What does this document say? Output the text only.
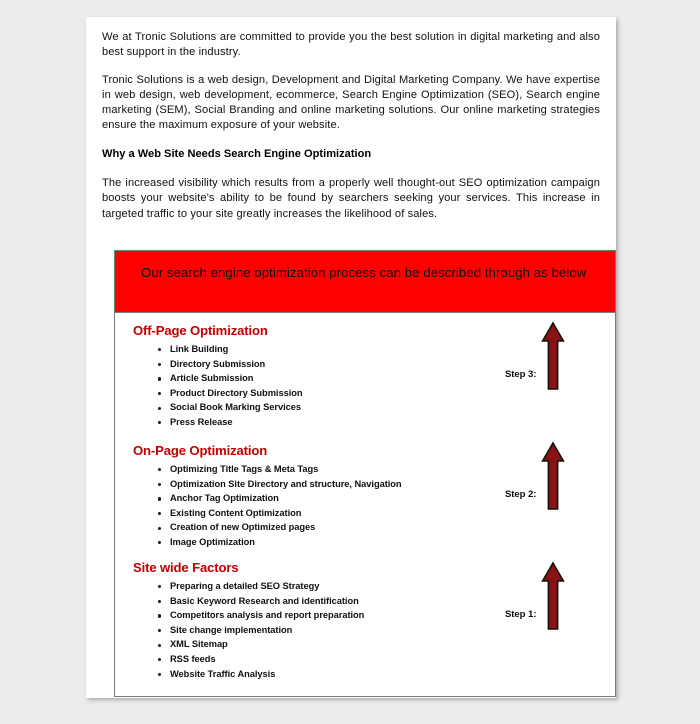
We at Tronic Solutions are committed to provide you the best solution in digital marketing and also best support in the industry.

Tronic Solutions is a web design, Development and Digital Marketing Company. We have expertise in web design, web development, ecommerce, Search Engine Optimization (SEO), Search engine marketing (SEM), Social Branding and online marketing solutions. Our online marketing strategies ensure the maximum exposure of your website.

Why a Web Site Needs Search Engine Optimization

The increased visibility which results from a properly well thought-out SEO optimization campaign boosts your website's ability to be found by searchers seeking your services. This increase in targeted traffic to your site greatly increases the likelihood of sales.

Our search engine optimization process can be described through as below
Off-Page Optimization
Link Building
Directory Submission
Article Submission
Product Directory Submission
Social Book Marking Services
Press Release
On-Page Optimization
Optimizing Title Tags & Meta Tags
Optimization Site Directory and structure, Navigation
Anchor Tag Optimization
Existing Content Optimization
Creation of new Optimized pages
Image Optimization
Site wide Factors
Preparing a detailed SEO Strategy
Basic Keyword Research and identification
Competitors analysis and report preparation
Site change implementation
XML Sitemap
RSS feeds
Website Traffic Analysis
Step 3:
Step 2:
Step 1:
